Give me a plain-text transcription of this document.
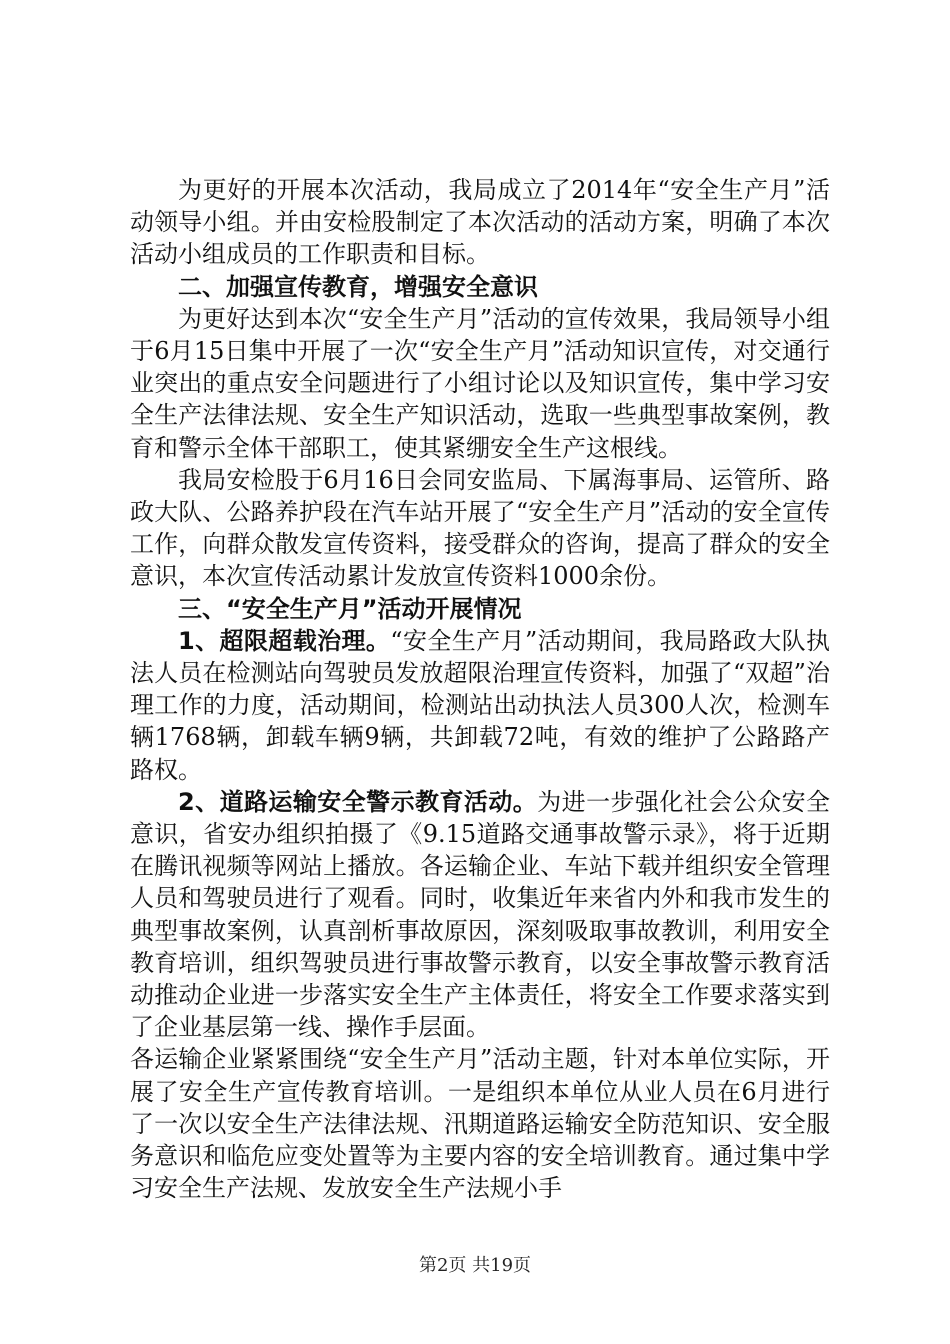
为更好的开展本次活动，我局成立了2014年“安全生产月”活动领导小组。并由安检股制定了本次活动的活动方案，明确了本次活动小组成员的工作职责和目标。

二、加强宣传教育，增强安全意识

为更好达到本次“安全生产月”活动的宣传效果，我局领导小组于6月15日集中开展了一次“安全生产月”活动知识宣传，对交通行业突出的重点安全问题进行了小组讨论以及知识宣传，集中学习安全生产法律法规、安全生产知识活动，选取一些典型事故案例，教育和警示全体干部职工，使其紧绷安全生产这根线。

我局安检股于6月16日会同安监局、下属海事局、运管所、路政大队、公路养护段在汽车站开展了“安全生产月”活动的安全宣传工作，向群众散发宣传资料，接受群众的咨询，提高了群众的安全意识，本次宣传活动累计发放宣传资料1000余份。

三、“安全生产月”活动开展情况

1、超限超载治理。“安全生产月”活动期间，我局路政大队执法人员在检测站向驾驶员发放超限治理宣传资料，加强了“双超”治理工作的力度，活动期间，检测站出动执法人员300人次，检测车辆1768辆，卸载车辆9辆，共卸载72吨，有效的维护了公路路产路权。

2、道路运输安全警示教育活动。为进一步强化社会公众安全意识，省安办组织拍摄了《9.15道路交通事故警示录》，将于近期在腾讯视频等网站上播放。各运输企业、车站下载并组织安全管理人员和驾驶员进行了观看。同时，收集近年来省内外和我市发生的典型事故案例，认真剖析事故原因，深刻吸取事故教训，利用安全教育培训，组织驾驶员进行事故警示教育，以安全事故警示教育活动推动企业进一步落实安全生产主体责任，将安全工作要求落实到了企业基层第一线、操作手层面。

各运输企业紧紧围绕“安全生产月”活动主题，针对本单位实际，开展了安全生产宣传教育培训。一是组织本单位从业人员在6月进行了一次以安全生产法律法规、汛期道路运输安全防范知识、安全服务意识和临危应变处置等为主要内容的安全培训教育。通过集中学习安全生产法规、发放安全生产法规小手

第2页 共19页
